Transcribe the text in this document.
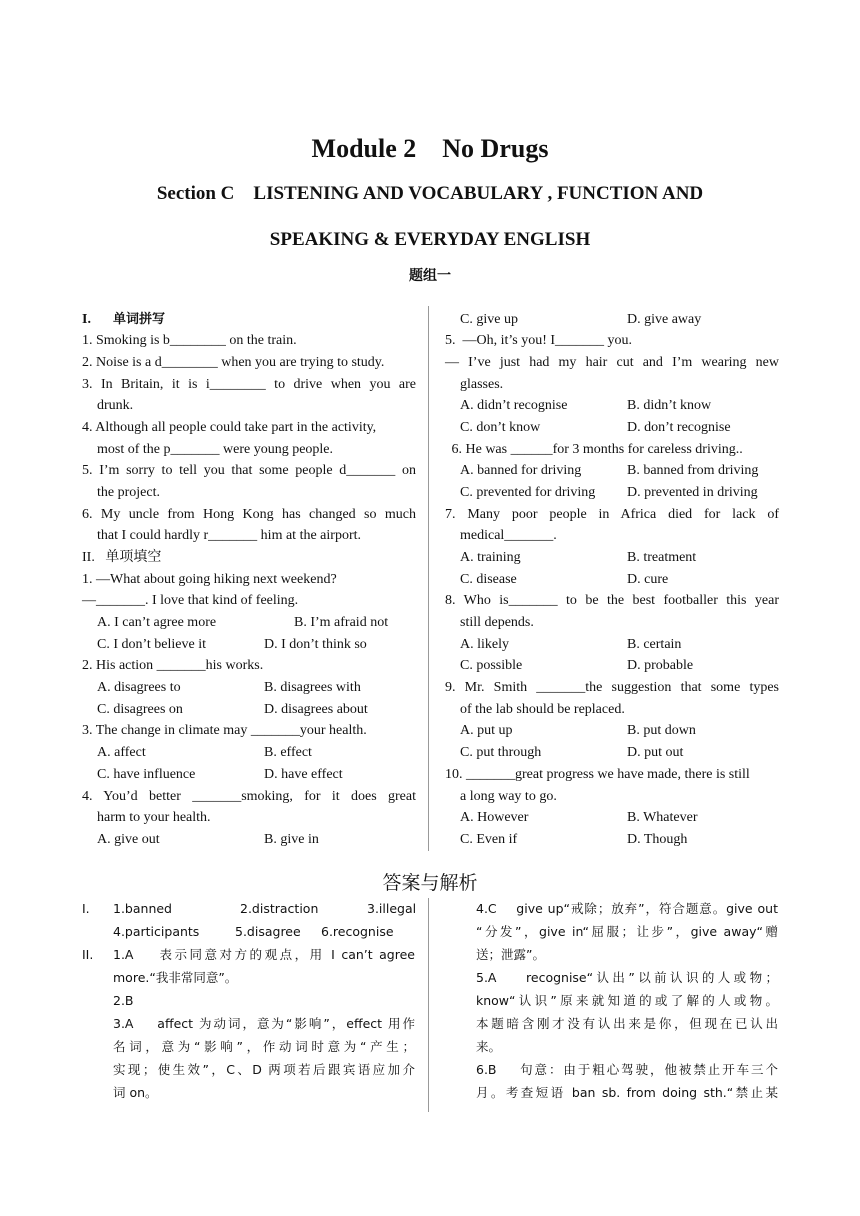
Module 2    No Drugs
Section C    LISTENING AND VOCABULARY , FUNCTION AND
SPEAKING & EVERYDAY ENGLISH
题组一
I. 单词拼写
1. Smoking is b________ on the train.
2. Noise is a d________ when you are trying to study.
3. In Britain, it is i________ to drive when you are
drunk.
4. Although all people could take part in the activity,
most of the p_______ were young people.
5. I’m sorry to tell you that some people d_______ on
the project.
6. My uncle from Hong Kong has changed so much
that I could hardly r_______ him at the airport.
II.   单项填空
1. —What about going hiking next weekend?
—_______. I love that kind of feeling.
A. I can’t agree more	B. I’m afraid not
C. I don’t believe it	D. I don’t think so
2. His action _______his works.
A. disagrees to	B. disagrees with
C. disagrees on	D. disagrees about
3. The change in climate may _______your health.
A. affect	B. effect
C. have influence	D. have effect
4. You’d better _______smoking, for it does great
harm to your health.
A. give out	B. give in
C. give up	D. give away
5.  —Oh, it’s you! I_______ you.
— I’ve just had my hair cut and I’m wearing new
glasses.
A. didn’t recognise	B. didn’t know
C. don’t know	D. don’t recognise
6. He was ______for 3 months for careless driving..
A. banned for driving	B. banned from driving
C. prevented for driving D. prevented in driving
7.  Many  poor  people  in  Africa  died  for  lack  of
medical_______.
A. training	B. treatment
C. disease	D. cure
8. Who is_______ to be the best footballer this year
still depends.
A. likely	B. certain
C. possible	D. probable
9. Mr. Smith _______the suggestion that some types
of the lab should be replaced.
A. put up	B. put down
C. put through	D. put out
10. _______great progress we have made, there is still
a long way to go.
A. However	B. Whatever
C. Even if	D. Though
答案与解析
I. 1.banned	2.distraction	3.illegal
4.participants	5.disagree 6.recognise
II. 1.A    表示同意对方的观点，用 I can’t agree
more.“我非常同意”。
2.B
3.A    affect 为动词，意为“影响”，effect 用作
名词，意为“影响”，作动词时意为“产生；
实现；使生效”，C、D 两项若后跟宾语应加介
词 on。
4.C    give up“戒除；放弃”，符合题意。give out
“分发”，give in“屈服；让步”，give away“赠
送；泄露”。
5.A    recognise“认出”以前认识的人或物；
know“认识”原来就知道的或了解的人或物。
本题暗含刚才没有认出来是你，但现在已认出
来。
6.B    句意：由于粗心驾驶，他被禁止开车三个
月。考查短语 ban sb. from doing sth.“禁止某
